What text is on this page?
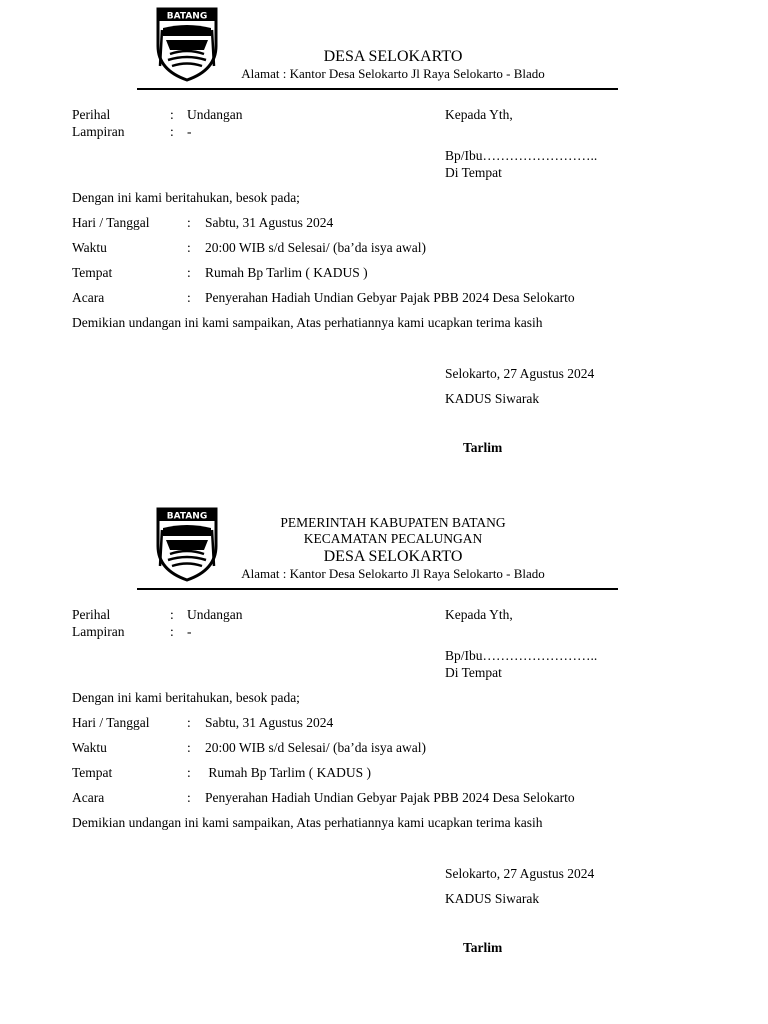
BATANG
DESA SELOKARTO
Alamat : Kantor Desa Selokarto Jl Raya Selokarto - Blado
Perihal	: Undangan
Lampiran	: -
Kepada Yth,
Bp/Ibu……………………..
Di Tempat
Dengan ini kami beritahukan, besok pada;
Hari / Tanggal	: Sabtu, 31 Agustus 2024
Waktu	: 20:00 WIB s/d Selesai/ (ba’da isya awal)
Tempat	: Rumah Bp Tarlim ( KADUS )
Acara	: Penyerahan Hadiah Undian Gebyar Pajak PBB 2024 Desa Selokarto
Demikian undangan ini kami sampaikan, Atas perhatiannya kami ucapkan terima kasih
Selokarto, 27 Agustus 2024
KADUS Siwarak
Tarlim
BATANG	PEMERINTAH KABUPATEN BATANG
KECAMATAN PECALUNGAN
DESA SELOKARTO
Alamat : Kantor Desa Selokarto Jl Raya Selokarto - Blado
Perihal	: Undangan
Lampiran	: -
Kepada Yth,
Bp/Ibu……………………..
Di Tempat
Dengan ini kami beritahukan, besok pada;
Hari / Tanggal	: Sabtu, 31 Agustus 2024
Waktu	: 20:00 WIB s/d Selesai/ (ba’da isya awal)
Tempat	: Rumah Bp Tarlim ( KADUS )
Acara	: Penyerahan Hadiah Undian Gebyar Pajak PBB 2024 Desa Selokarto
Demikian undangan ini kami sampaikan, Atas perhatiannya kami ucapkan terima kasih
Selokarto, 27 Agustus 2024
KADUS Siwarak
Tarlim
